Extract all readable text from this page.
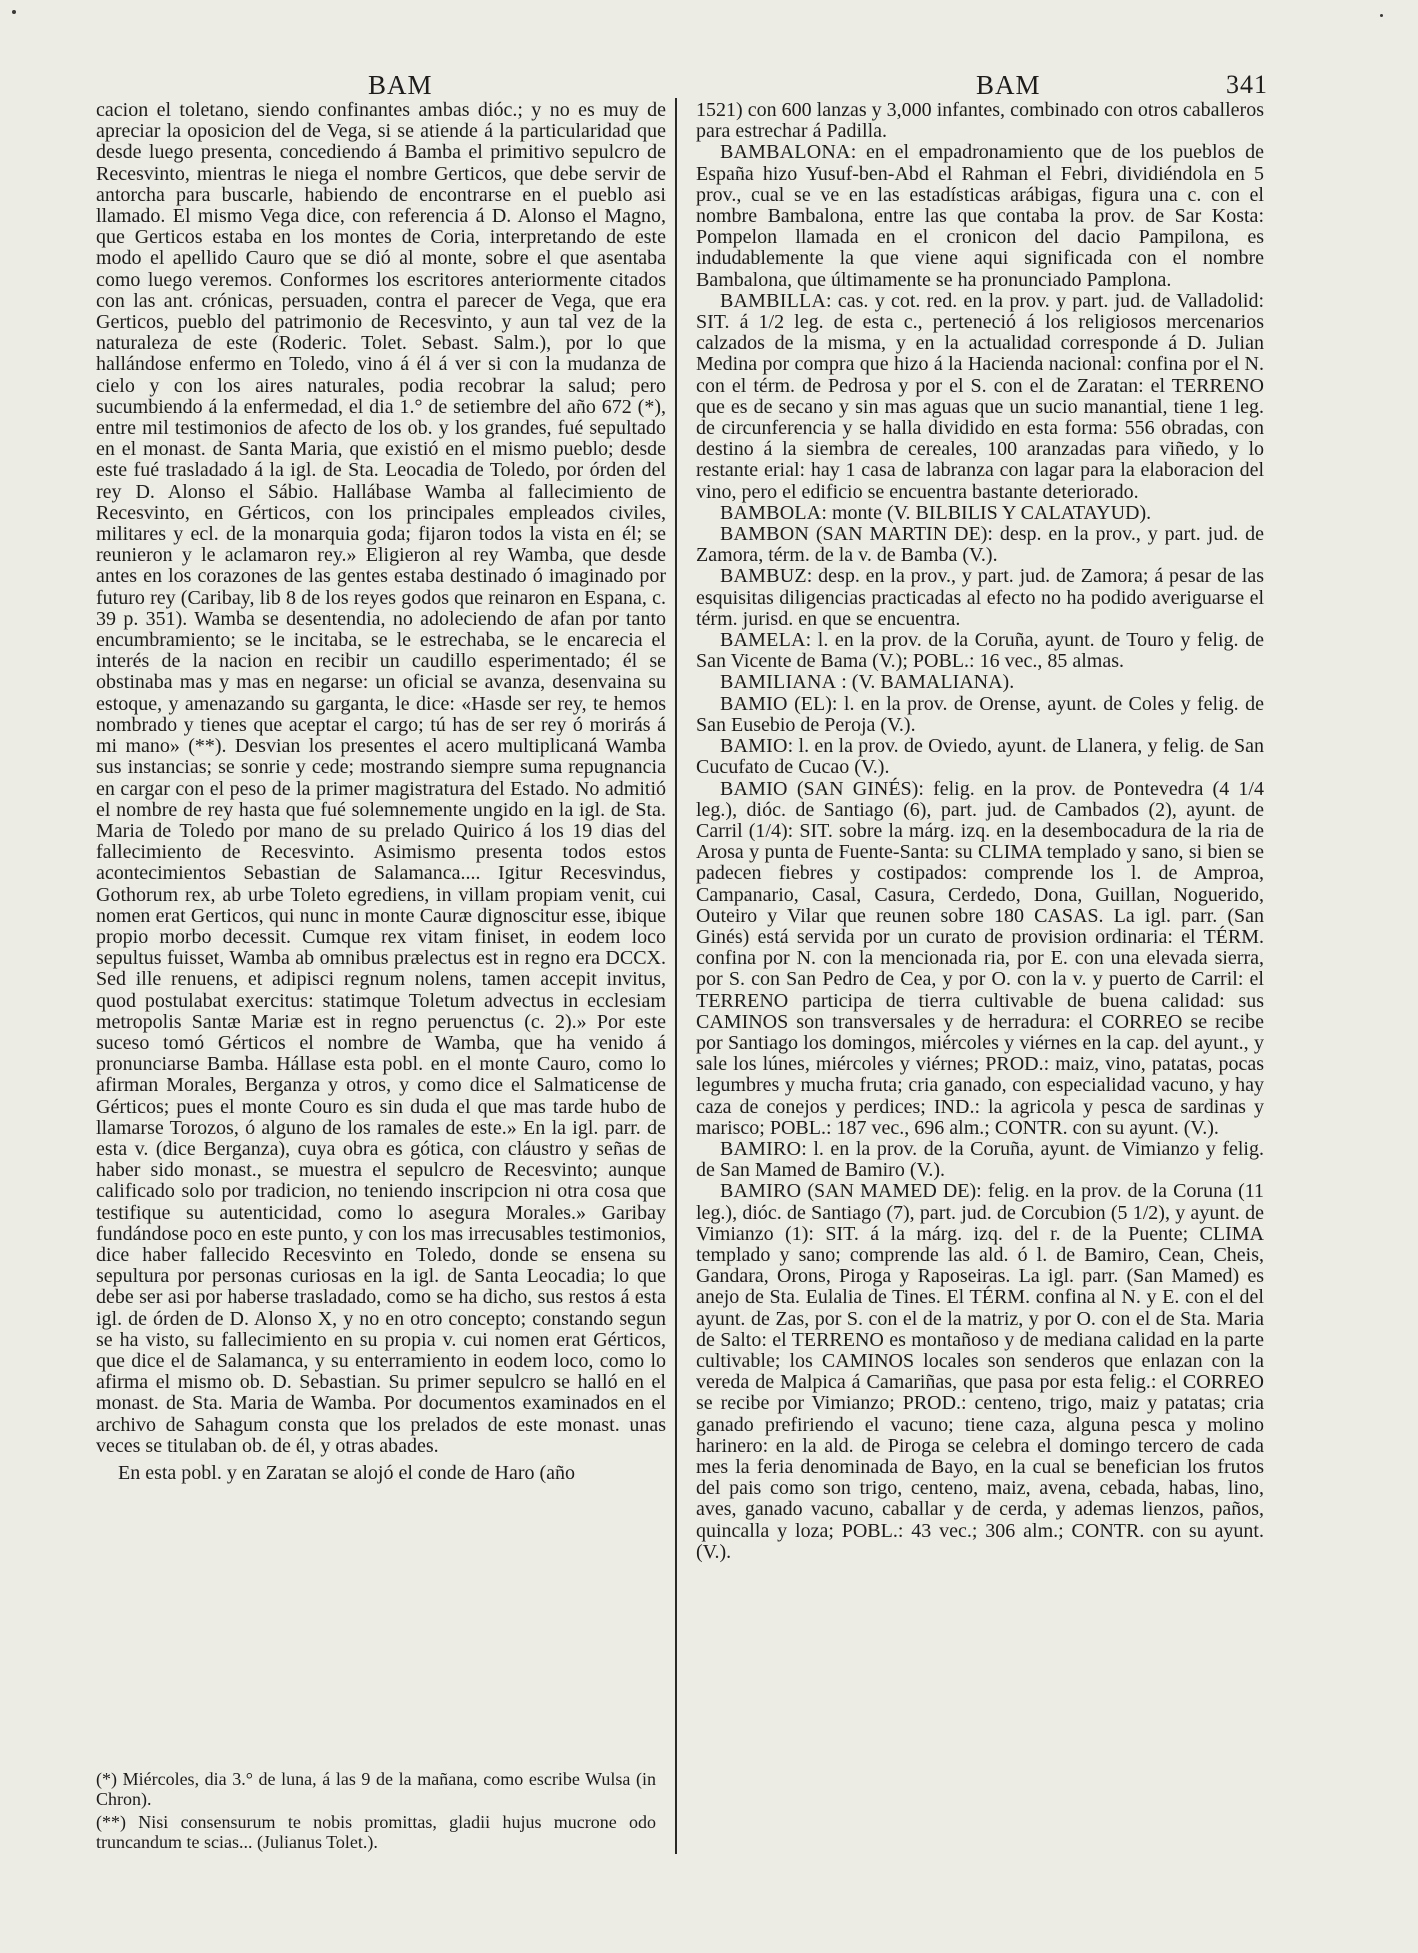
BAM	BAM	341

cacion el toletano, siendo confinantes ambas dióc.; y no es muy de apreciar la oposicion del de Vega, si se atiende á la particularidad que desde luego presenta, concediendo á Bamba el primitivo sepulcro de Recesvinto, mientras le niega el nombre Gerticos, que debe servir de antorcha para buscarle, habiendo de encontrarse en el pueblo asi llamado. El mismo Vega dice, con referencia á D. Alonso el Magno, que Gerticos estaba en los montes de Coria, interpretando de este modo el apellido Cauro que se dió al monte, sobre el que asentaba como luego veremos. Conformes los escritores anteriormente citados con las ant. crónicas, persuaden, contra el parecer de Vega, que era Gerticos, pueblo del patrimonio de Recesvinto, y aun tal vez de la naturaleza de este (Roderic. Tolet. Sebast. Salm.), por lo que hallándose enfermo en Toledo, vino á él á ver si con la mudanza de cielo y con los aires naturales, podia recobrar la salud; pero sucumbiendo á la enfermedad, el dia 1.° de setiembre del año 672 (*), entre mil testimonios de afecto de los ob. y los grandes, fué sepultado en el monast. de Santa Maria, que existió en el mismo pueblo; desde este fué trasladado á la igl. de Sta. Leocadia de Toledo, por órden del rey D. Alonso el Sábio. Hallábase Wamba al fallecimiento de Recesvinto, en Gérticos, con los principales empleados civiles, militares y ecl. de la monarquia goda; fijaron todos la vista en él; se reunieron y le aclamaron rey.» Eligieron al rey Wamba, que desde antes en los corazones de las gentes estaba destinado ó imaginado por futuro rey (Caribay, lib 8 de los reyes godos que reinaron en Espana, c. 39 p. 351). Wamba se desentendia, no adoleciendo de afan por tanto encumbramiento; se le incitaba, se le estrechaba, se le encarecia el interés de la nacion en recibir un caudillo esperimentado; él se obstinaba mas y mas en negarse: un oficial se avanza, desenvaina su estoque, y amenazando su garganta, le dice: «Hasde ser rey, te hemos nombrado y tienes que aceptar el cargo; tú has de ser rey ó morirás á mi mano» (**). Desvian los presentes el acero multiplicaná Wamba sus instancias; se sonrie y cede; mostrando siempre suma repugnancia en cargar con el peso de la primer magistratura del Estado. No admitió el nombre de rey hasta que fué solemnemente ungido en la igl. de Sta. Maria de Toledo por mano de su prelado Quirico á los 19 dias del fallecimiento de Recesvinto. Asimismo presenta todos estos acontecimientos Sebastian de Salamanca.... Igitur Recesvindus, Gothorum rex, ab urbe Toleto egrediens, in villam propiam venit, cui nomen erat Gerticos, qui nunc in monte Cauræ dignoscitur esse, ibique propio morbo decessit. Cumque rex vitam finiset, in eodem loco sepultus fuisset, Wamba ab omnibus prælectus est in regno era DCCX. Sed ille renuens, et adipisci regnum nolens, tamen accepit invitus, quod postulabat exercitus: statimque Toletum advectus in ecclesiam metropolis Santæ Mariæ est in regno peruenctus (c. 2).» Por este suceso tomó Gérticos el nombre de Wamba, que ha venido á pronunciarse Bamba. Hállase esta pobl. en el monte Cauro, como lo afirman Morales, Berganza y otros, y como dice el Salmaticense de Gérticos; pues el monte Couro es sin duda el que mas tarde hubo de llamarse Torozos, ó alguno de los ramales de este.» En la igl. parr. de esta v. (dice Berganza), cuya obra es gótica, con cláustro y señas de haber sido monast., se muestra el sepulcro de Recesvinto; aunque calificado solo por tradicion, no teniendo inscripcion ni otra cosa que testifique su autenticidad, como lo asegura Morales.» Garibay fundándose poco en este punto, y con los mas irrecusables testimonios, dice haber fallecido Recesvinto en Toledo, donde se ensena su sepultura por personas curiosas en la igl. de Santa Leocadia; lo que debe ser asi por haberse trasladado, como se ha dicho, sus restos á esta igl. de órden de D. Alonso X, y no en otro concepto; constando segun se ha visto, su fallecimiento en su propia v. cui nomen erat Gérticos, que dice el de Salamanca, y su enterramiento in eodem loco, como lo afirma el mismo ob. D. Sebastian. Su primer sepulcro se halló en el monast. de Sta. Maria de Wamba. Por documentos examinados en el archivo de Sahagum consta que los prelados de este monast. unas veces se titulaban ob. de él, y otras abades.

En esta pobl. y en Zaratan se alojó el conde de Haro (año

1521) con 600 lanzas y 3,000 infantes, combinado con otros caballeros para estrechar á Padilla.

BAMBALONA: en el empadronamiento que de los pueblos de España hizo Yusuf-ben-Abd el Rahman el Febri, dividiéndola en 5 prov., cual se ve en las estadísticas arábigas, figura una c. con el nombre Bambalona, entre las que contaba la prov. de Sar Kosta: Pompelon llamada en el cronicon del dacio Pampilona, es indudablemente la que viene aqui significada con el nombre Bambalona, que últimamente se ha pronunciado Pamplona.

BAMBILLA: cas. y cot. red. en la prov. y part. jud. de Valladolid: SIT. á 1/2 leg. de esta c., perteneció á los religiosos mercenarios calzados de la misma, y en la actualidad corresponde á D. Julian Medina por compra que hizo á la Hacienda nacional: confina por el N. con el térm. de Pedrosa y por el S. con el de Zaratan: el TERRENO que es de secano y sin mas aguas que un sucio manantial, tiene 1 leg. de circunferencia y se halla dividido en esta forma: 556 obradas, con destino á la siembra de cereales, 100 aranzadas para viñedo, y lo restante erial: hay 1 casa de labranza con lagar para la elaboracion del vino, pero el edificio se encuentra bastante deteriorado.

BAMBOLA: monte (V. BILBILIS Y CALATAYUD).

BAMBON (SAN MARTIN DE): desp. en la prov., y part. jud. de Zamora, térm. de la v. de Bamba (V.).

BAMBUZ: desp. en la prov., y part. jud. de Zamora; á pesar de las esquisitas diligencias practicadas al efecto no ha podido averiguarse el térm. jurisd. en que se encuentra.

BAMELA: l. en la prov. de la Coruña, ayunt. de Touro y felig. de San Vicente de Bama (V.); POBL.: 16 vec., 85 almas.

BAMILIANA : (V. BAMALIANA).

BAMIO (EL): l. en la prov. de Orense, ayunt. de Coles y felig. de San Eusebio de Peroja (V.).

BAMIO: l. en la prov. de Oviedo, ayunt. de Llanera, y felig. de San Cucufato de Cucao (V.).

BAMIO (SAN GINÉS): felig. en la prov. de Pontevedra (4 1/4 leg.), dióc. de Santiago (6), part. jud. de Cambados (2), ayunt. de Carril (1/4): SIT. sobre la márg. izq. en la desembocadura de la ria de Arosa y punta de Fuente-Santa: su CLIMA templado y sano, si bien se padecen fiebres y costipados: comprende los l. de Amproa, Campanario, Casal, Casura, Cerdedo, Dona, Guillan, Noguerido, Outeiro y Vilar que reunen sobre 180 CASAS. La igl. parr. (San Ginés) está servida por un curato de provision ordinaria: el TÉRM. confina por N. con la mencionada ria, por E. con una elevada sierra, por S. con San Pedro de Cea, y por O. con la v. y puerto de Carril: el TERRENO participa de tierra cultivable de buena calidad: sus CAMINOS son transversales y de herradura: el CORREO se recibe por Santiago los domingos, miércoles y viérnes en la cap. del ayunt., y sale los lúnes, miércoles y viérnes; PROD.: maiz, vino, patatas, pocas legumbres y mucha fruta; cria ganado, con especialidad vacuno, y hay caza de conejos y perdices; IND.: la agricola y pesca de sardinas y marisco; POBL.: 187 vec., 696 alm.; CONTR. con su ayunt. (V.).

BAMIRO: l. en la prov. de la Coruña, ayunt. de Vimianzo y felig. de San Mamed de Bamiro (V.).

BAMIRO (SAN MAMED DE): felig. en la prov. de la Coruna (11 leg.), dióc. de Santiago (7), part. jud. de Corcubion (5 1/2), y ayunt. de Vimianzo (1): SIT. á la márg. izq. del r. de la Puente; CLIMA templado y sano; comprende las ald. ó l. de Bamiro, Cean, Cheis, Gandara, Orons, Piroga y Raposeiras. La igl. parr. (San Mamed) es anejo de Sta. Eulalia de Tines. El TÉRM. confina al N. y E. con el del ayunt. de Zas, por S. con el de la matriz, y por O. con el de Sta. Maria de Salto: el TERRENO es montañoso y de mediana calidad en la parte cultivable; los CAMINOS locales son senderos que enlazan con la vereda de Malpica á Camariñas, que pasa por esta felig.: el CORREO se recibe por Vimianzo; PROD.: centeno, trigo, maiz y patatas; cria ganado prefiriendo el vacuno; tiene caza, alguna pesca y molino harinero: en la ald. de Piroga se celebra el domingo tercero de cada mes la feria denominada de Bayo, en la cual se benefician los frutos del pais como son trigo, centeno, maiz, avena, cebada, habas, lino, aves, ganado vacuno, caballar y de cerda, y ademas lienzos, paños, quincalla y loza; POBL.: 43 vec.; 306 alm.; CONTR. con su ayunt. (V.).

(*) Miércoles, dia 3.° de luna, á las 9 de la mañana, como escribe Wulsa (in Chron).

(**) Nisi consensurum te nobis promittas, gladii hujus mucrone odo truncandum te scias... (Julianus Tolet.).
